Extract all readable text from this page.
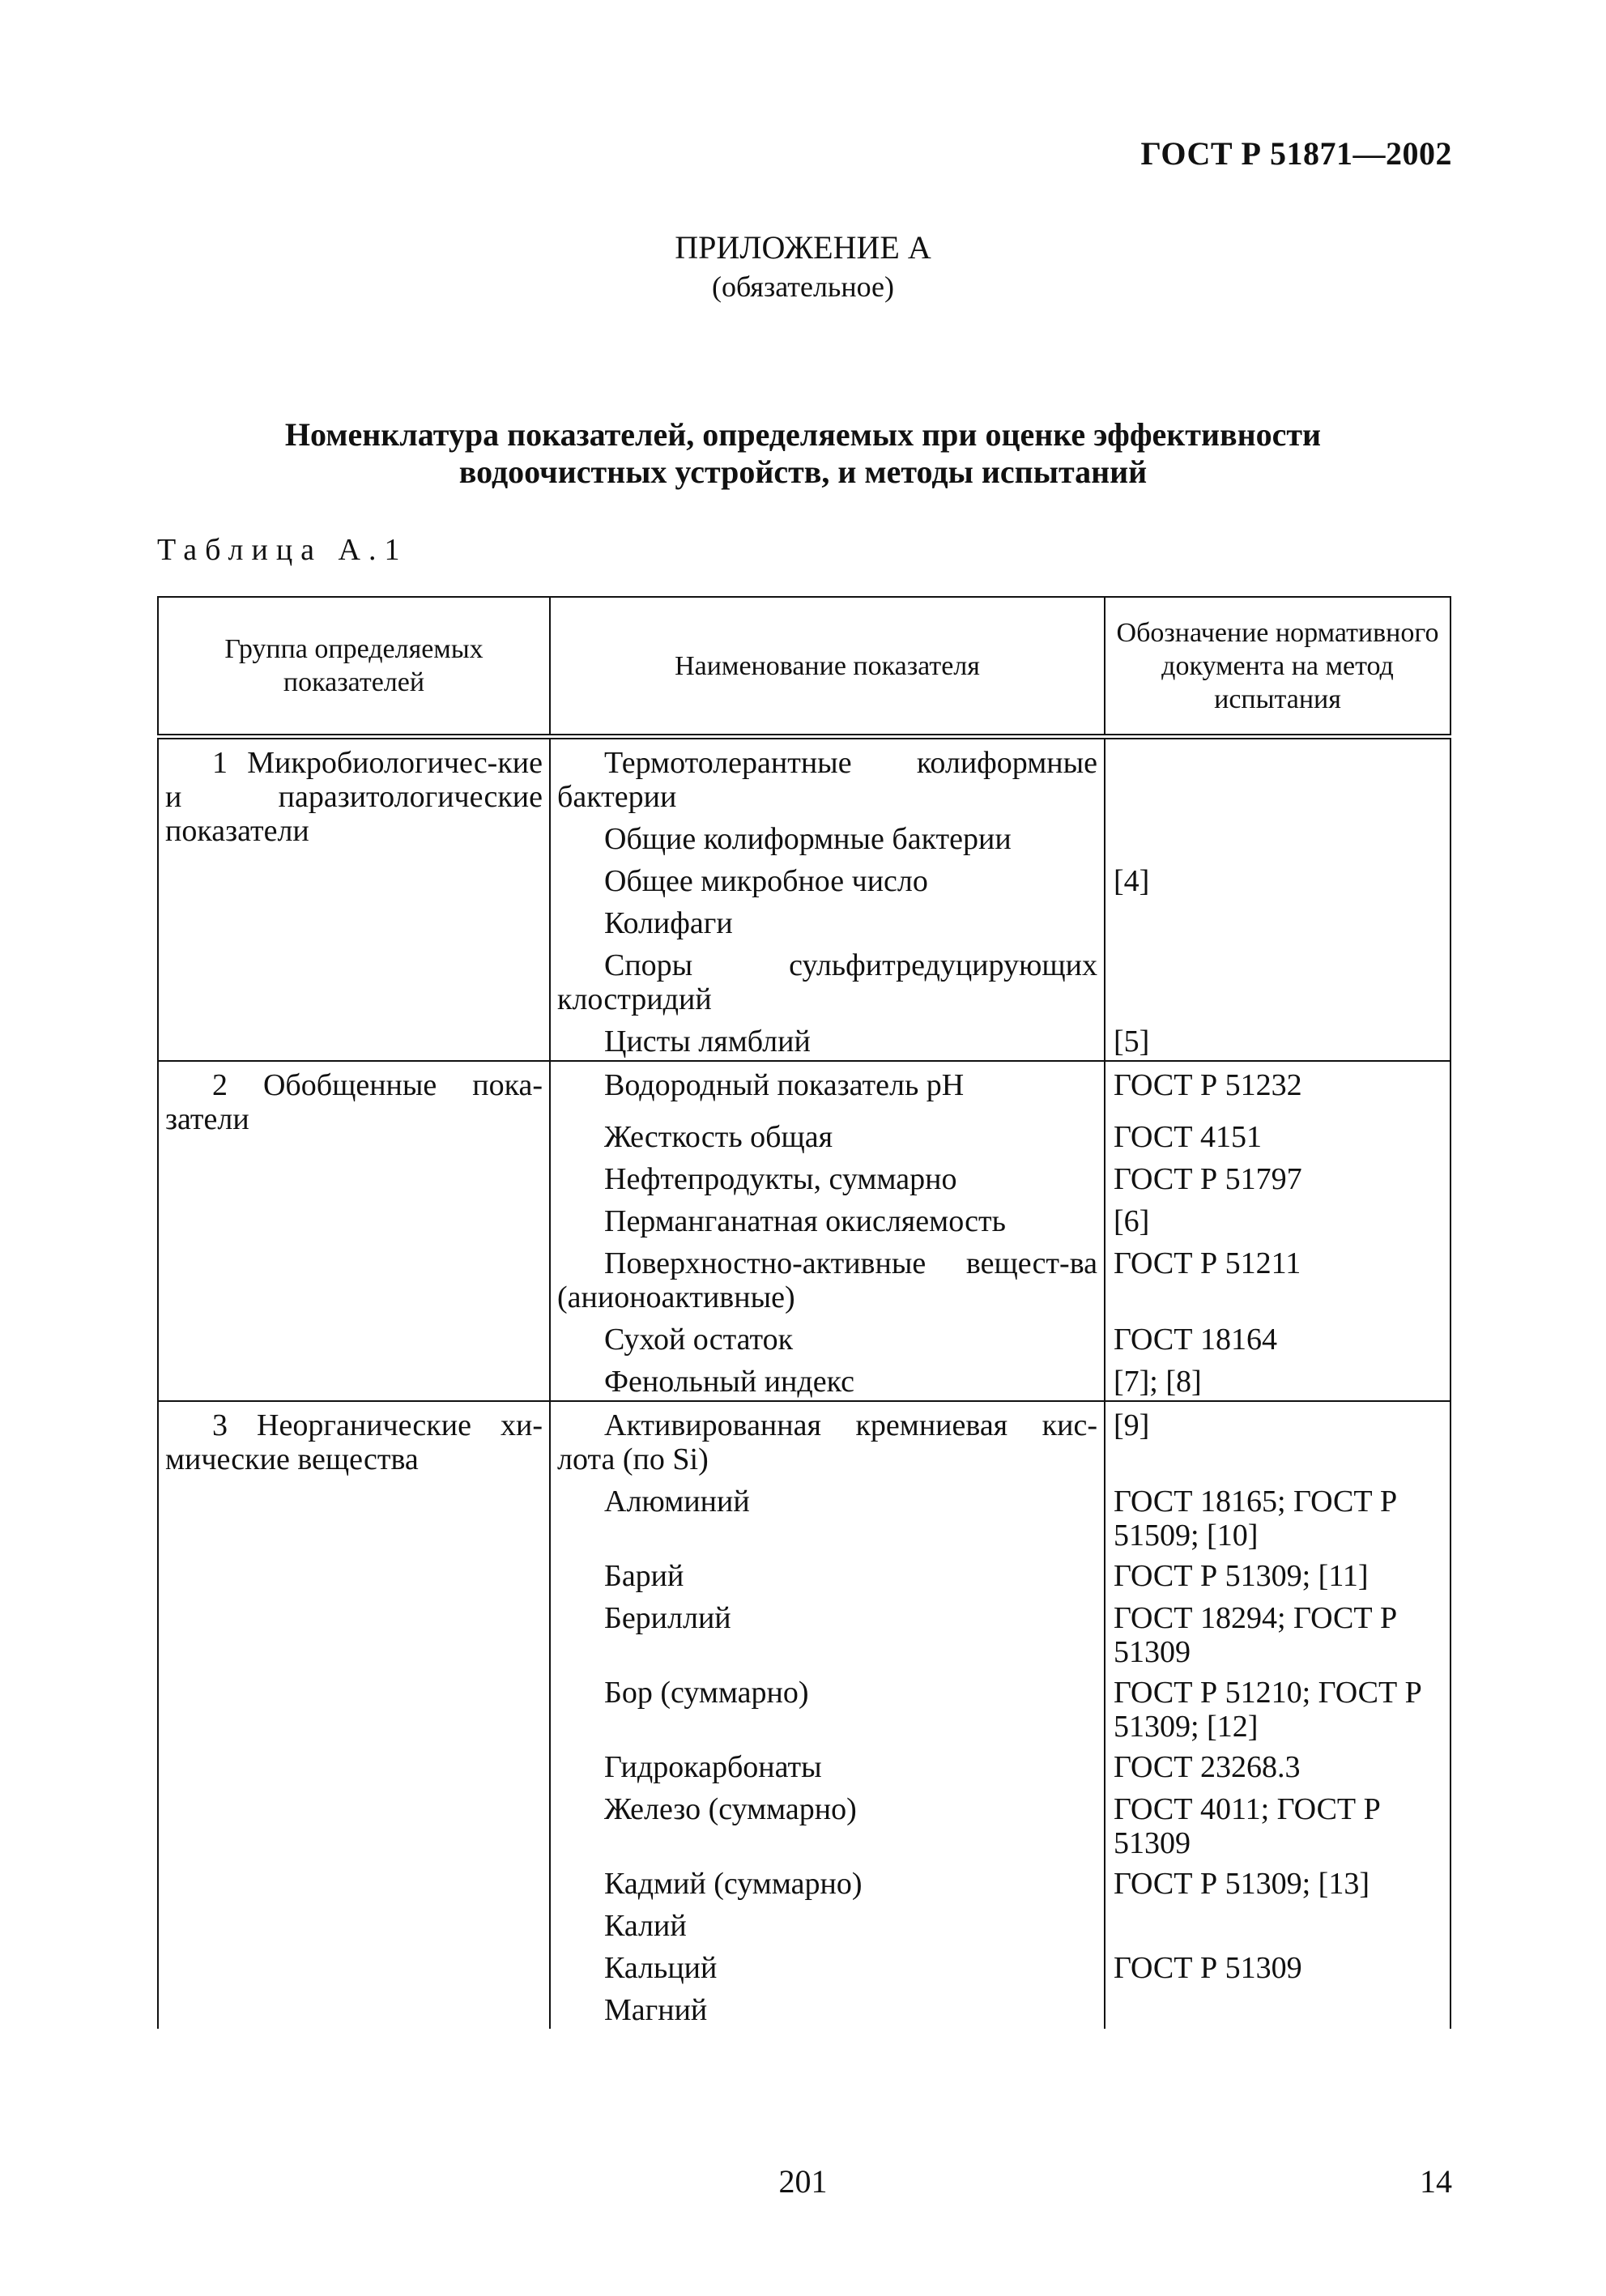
ГОСТ Р 51871—2002
ПРИЛОЖЕНИЕ А
(обязательное)
Номенклатура показателей, определяемых при оценке эффективности
водоочистных устройств, и методы испытаний
Таблица А.1
Группа определяемых показателей	Наименование показателя	Обозначение нормативного документа на метод испытания
1 Микробиологичес-кие и паразитологические показатели	Термотолерантные колиформные бактерии	
	Общие колиформные бактерии	
	Общее микробное число	[4]
	Колифаги	
	Споры сульфитредуцирующих клостридий	
	Цисты лямблий	[5]
2 Обобщенные пока-затели	Водородный показатель pH	ГОСТ Р 51232
	Жесткость общая	ГОСТ 4151
	Нефтепродукты, суммарно	ГОСТ Р 51797
	Перманганатная окисляемость	[6]
	Поверхностно-активные вещест-ва (анионоактивные)	ГОСТ Р 51211
	Сухой остаток	ГОСТ 18164
	Фенольный индекс	[7]; [8]
3 Неорганические хи-мические вещества	Активированная кремниевая кис-лота (по Si)	[9]
	Алюминий	ГОСТ 18165; ГОСТ Р 51509; [10]
	Барий	ГОСТ Р 51309; [11]
	Бериллий	ГОСТ 18294; ГОСТ Р 51309
	Бор (суммарно)	ГОСТ Р 51210; ГОСТ Р 51309; [12]
	Гидрокарбонаты	ГОСТ 23268.3
	Железо (суммарно)	ГОСТ 4011; ГОСТ Р 51309
	Кадмий (суммарно)	ГОСТ Р 51309; [13]
	Калий	
	Кальций	ГОСТ Р 51309
	Магний	
201	14
